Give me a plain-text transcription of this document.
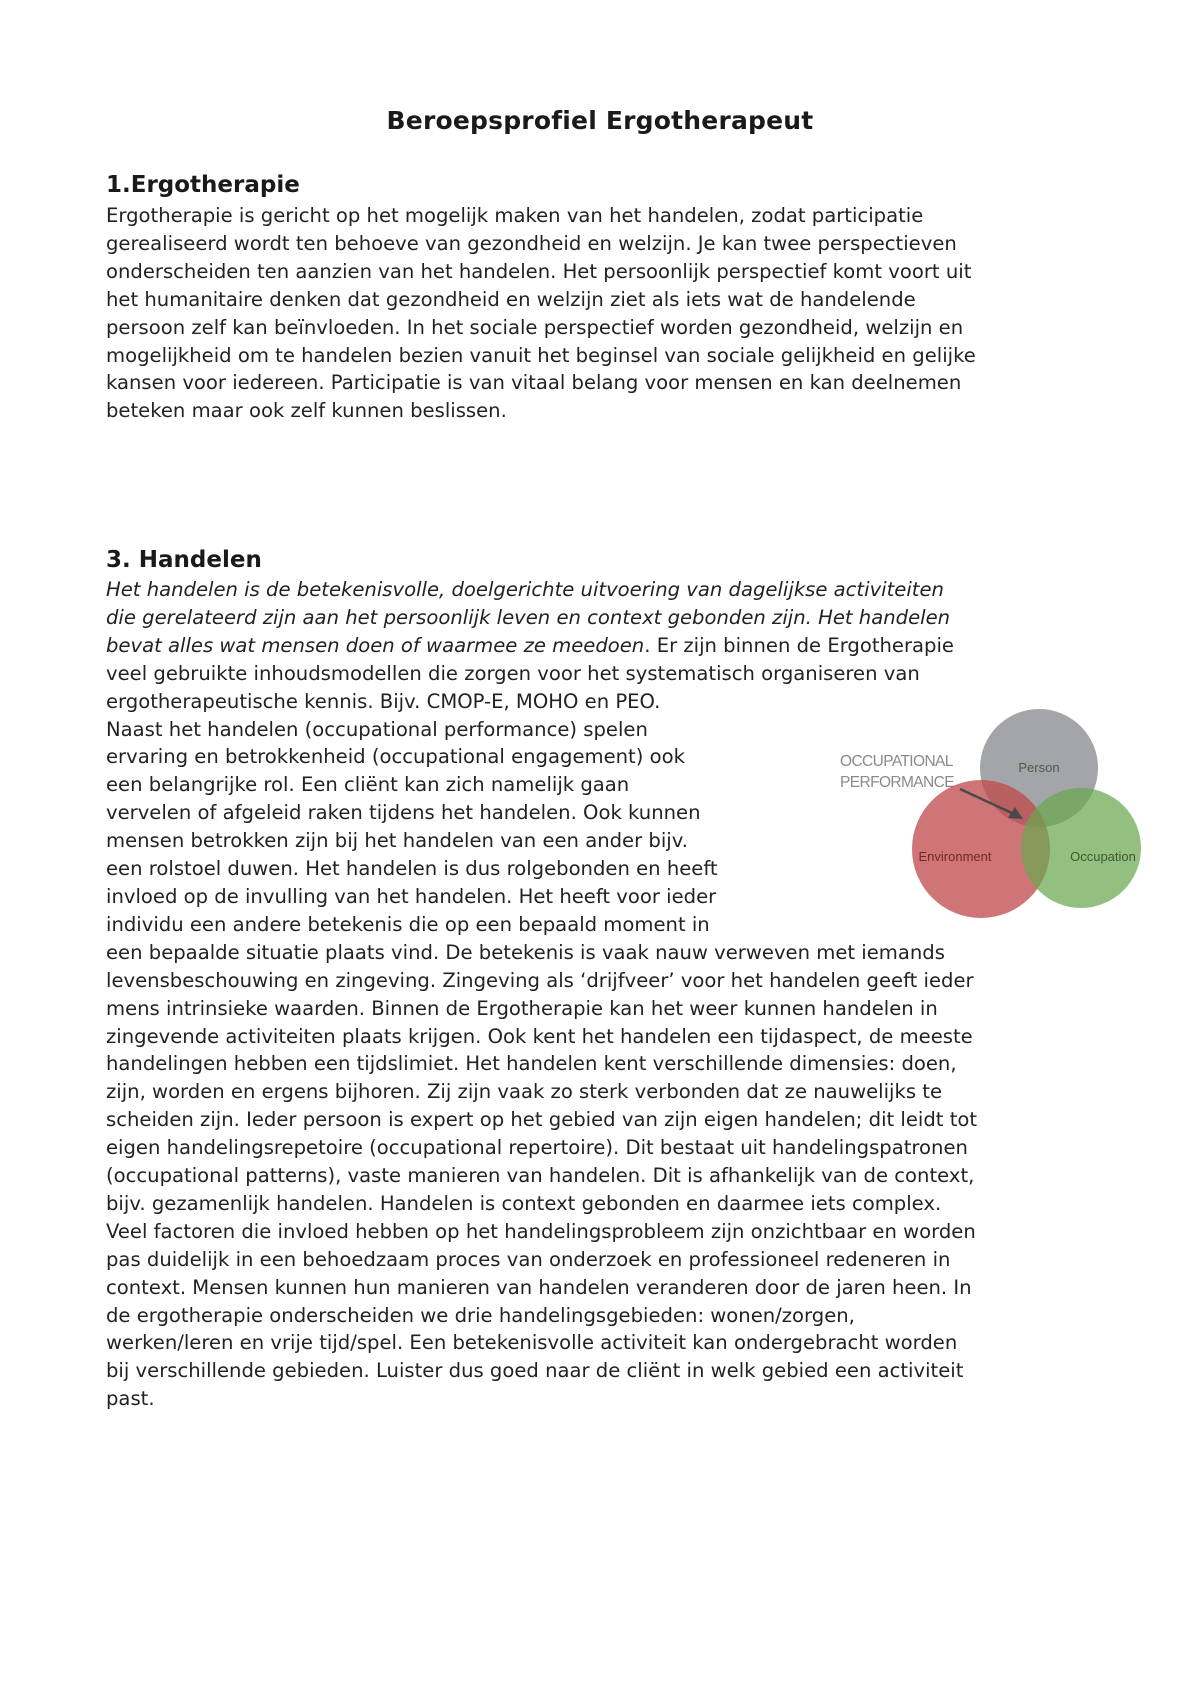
Beroepsprofiel Ergotherapeut
1.Ergotherapie
Ergotherapie is gericht op het mogelijk maken van het handelen, zodat participatie
gerealiseerd wordt ten behoeve van gezondheid en welzijn. Je kan twee perspectieven
onderscheiden ten aanzien van het handelen. Het persoonlijk perspectief komt voort uit
het humanitaire denken dat gezondheid en welzijn ziet als iets wat de handelende
persoon zelf kan beïnvloeden. In het sociale perspectief worden gezondheid, welzijn en
mogelijkheid om te handelen bezien vanuit het beginsel van sociale gelijkheid en gelijke
kansen voor iedereen. Participatie is van vitaal belang voor mensen en kan deelnemen
beteken maar ook zelf kunnen beslissen.
3. Handelen
Het handelen is de betekenisvolle, doelgerichte uitvoering van dagelijkse activiteiten
die gerelateerd zijn aan het persoonlijk leven en context gebonden zijn. Het handelen
bevat alles wat mensen doen of waarmee ze meedoen. Er zijn binnen de Ergotherapie
veel gebruikte inhoudsmodellen die zorgen voor het systematisch organiseren van
ergotherapeutische kennis. Bijv. CMOP-E, MOHO en PEO.
Naast het handelen (occupational performance) spelen
ervaring en betrokkenheid (occupational engagement) ook
een belangrijke rol. Een cliënt kan zich namelijk gaan
vervelen of afgeleid raken tijdens het handelen. Ook kunnen
mensen betrokken zijn bij het handelen van een ander bijv.
een rolstoel duwen. Het handelen is dus rolgebonden en heeft
invloed op de invulling van het handelen. Het heeft voor ieder
individu een andere betekenis die op een bepaald moment in
een bepaalde situatie plaats vind. De betekenis is vaak nauw verweven met iemands
levensbeschouwing en zingeving. Zingeving als ‘drijfveer’ voor het handelen geeft ieder
mens intrinsieke waarden. Binnen de Ergotherapie kan het weer kunnen handelen in
zingevende activiteiten plaats krijgen. Ook kent het handelen een tijdaspect, de meeste
handelingen hebben een tijdslimiet. Het handelen kent verschillende dimensies: doen,
zijn, worden en ergens bijhoren. Zij zijn vaak zo sterk verbonden dat ze nauwelijks te
scheiden zijn. Ieder persoon is expert op het gebied van zijn eigen handelen; dit leidt tot
eigen handelingsrepetoire (occupational repertoire). Dit bestaat uit handelingspatronen
(occupational patterns), vaste manieren van handelen. Dit is afhankelijk van de context,
bijv. gezamenlijk handelen. Handelen is context gebonden en daarmee iets complex.
Veel factoren die invloed hebben op het handelingsprobleem zijn onzichtbaar en worden
pas duidelijk in een behoedzaam proces van onderzoek en professioneel redeneren in
context. Mensen kunnen hun manieren van handelen veranderen door de jaren heen. In
de ergotherapie onderscheiden we drie handelingsgebieden: wonen/zorgen,
werken/leren en vrije tijd/spel. Een betekenisvolle activiteit kan ondergebracht worden
bij verschillende gebieden. Luister dus goed naar de cliënt in welk gebied een activiteit
past.
OCCUPATIONAL
PERFORMANCE
Person
Environment	Occupation
